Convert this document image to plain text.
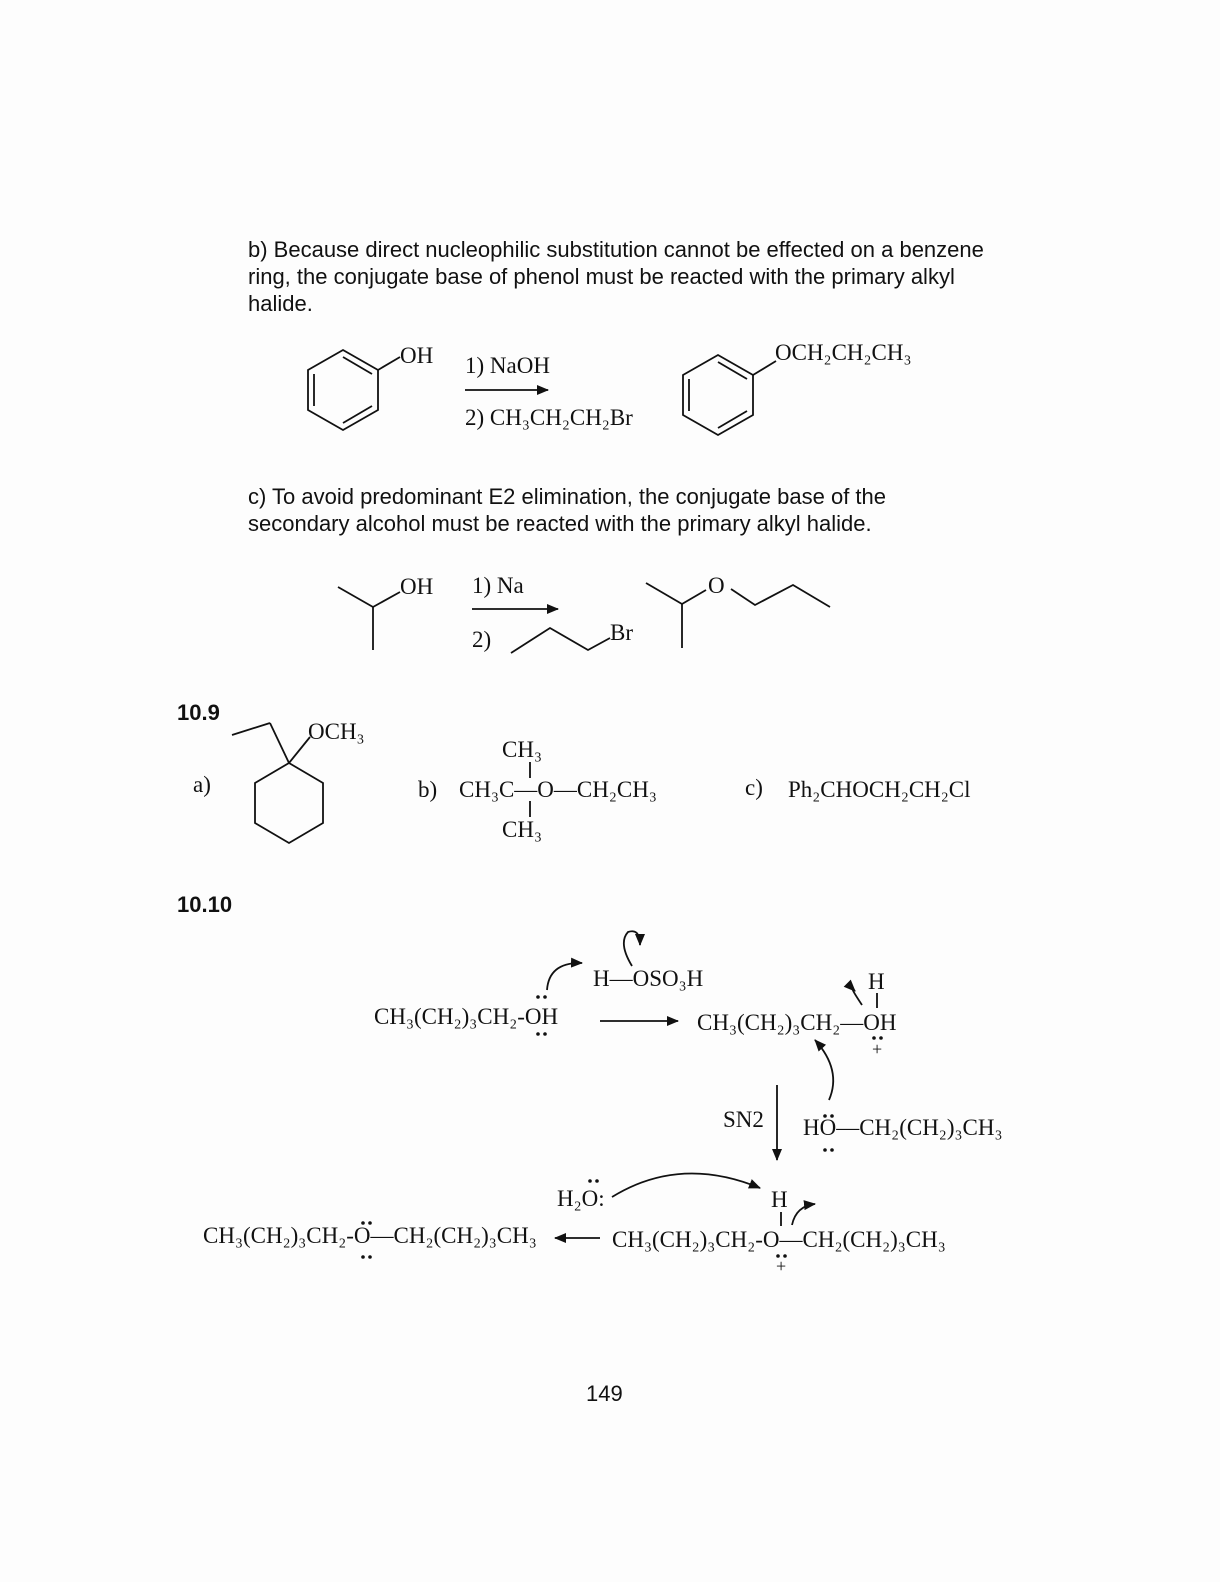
b) Because direct nucleophilic substitution cannot be effected on a benzene ring, the conjugate base of phenol must be reacted with the primary alkyl halide.

c) To avoid predominant E2 elimination, the conjugate base of the secondary alcohol must be reacted with the primary alkyl halide.

OH 1) NaOH
2) CH₃CH₂CH₂Br
OCH₂CH₂CH₃
OH 1) Na
2)	Br
O
10.9
a)
OCH₃
b)
CH₃
CH₃C—O—CH₂CH₃
CH₃
c) Ph₂CHOCH₂CH₂Cl
10.10
H—OSO₃H
CH₃(CH₂)₃CH₂-OH
H
CH₃(CH₂)₃CH₂—OH
+
SN2 HO—CH₂(CH₂)₃CH₃
H₂O:	H
CH₃(CH₂)₃CH₂-O—CH₂(CH₂)₃CH₃
+
CH₃(CH₂)₃CH₂-O—CH₂(CH₂)₃CH₃
149
